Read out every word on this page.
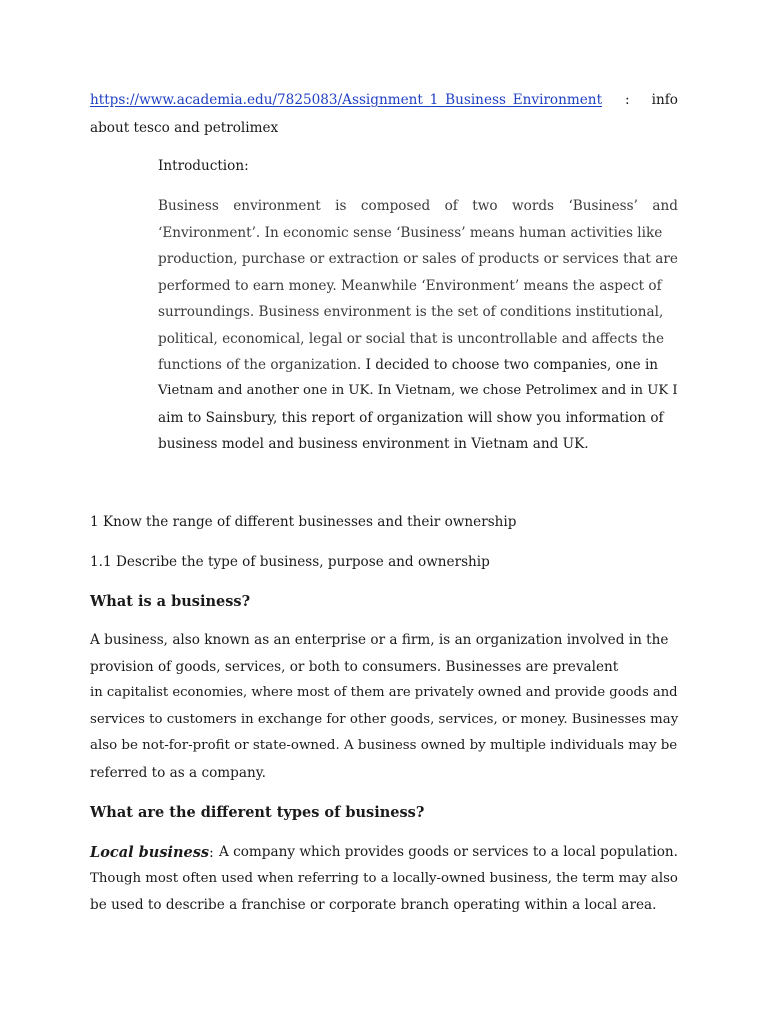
https://www.academia.edu/7825083/Assignment_1_Business_Environment : info
about tesco and petrolimex
Introduction:
Business environment is composed of two words ‘Business’ and
‘Environment’. In economic sense ‘Business’ means human activities like
production, purchase or extraction or sales of products or services that are
performed to earn money. Meanwhile ‘Environment’ means the aspect of
surroundings. Business environment is the set of conditions institutional,
political, economical, legal or social that is uncontrollable and affects the
functions of the organization. I decided to choose two companies, one in
Vietnam and another one in UK. In Vietnam, we chose Petrolimex and in UK I
aim to Sainsbury, this report of organization will show you information of
business model and business environment in Vietnam and UK.
1 Know the range of different businesses and their ownership
1.1 Describe the type of business, purpose and ownership
What is a business?
A business, also known as an enterprise or a firm, is an organization involved in the
provision of goods, services, or both to consumers. Businesses are prevalent
in capitalist economies, where most of them are privately owned and provide goods and
services to customers in exchange for other goods, services, or money. Businesses may
also be not-for-profit or state-owned. A business owned by multiple individuals may be
referred to as a company.
What are the different types of business?
Local business: A company which provides goods or services to a local population.
Though most often used when referring to a locally-owned business, the term may also
be used to describe a franchise or corporate branch operating within a local area.
